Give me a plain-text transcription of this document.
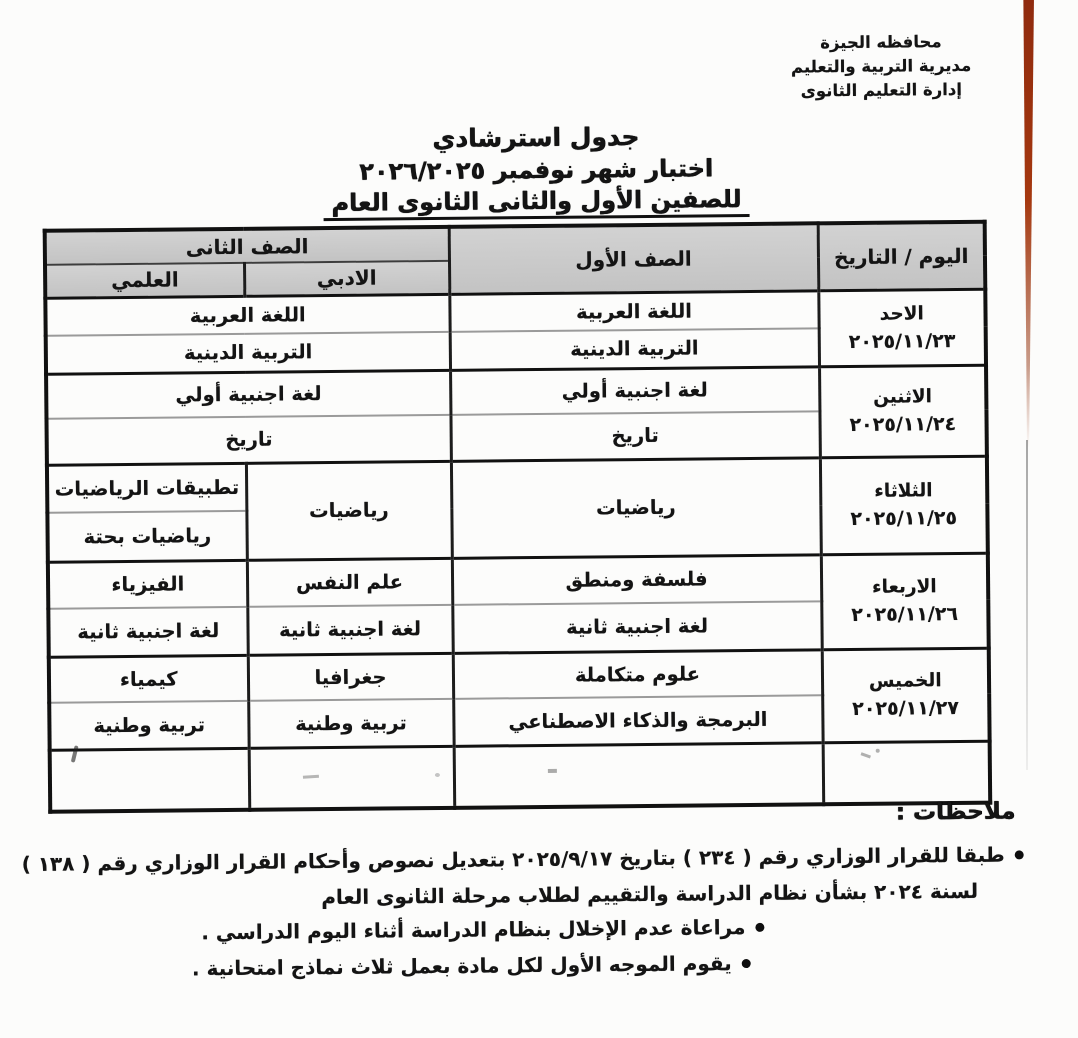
محافظه الجيزة
مديرية التربية والتعليم
إدارة التعليم الثانوى
جدول استرشادي
اختبار شهر نوفمبر ٢٠٢٦/٢٠٢٥
للصفين الأول والثانى الثانوى العام
اليوم / التاريخ	الصف الأول	الصف الثانى	
		الادبي	العلمي

الاحد
٢٠٢٥/١١/٢٣	اللغة العربية	اللغة العربية	
	التربية الدينية	التربية الدينية	

الاثنين
٢٠٢٥/١١/٢٤	لغة اجنبية أولي	لغة اجنبية أولي	
	تاريخ	تاريخ	

الثلاثاء
٢٠٢٥/١١/٢٥	رياضيات	رياضيات	تطبيقات الرياضيات
			رياضيات بحتة

الاربعاء
٢٠٢٥/١١/٢٦	فلسفة ومنطق	علم النفس	الفيزياء
	لغة اجنبية ثانية	لغة اجنبية ثانية	لغة اجنبية ثانية

الخميس
٢٠٢٥/١١/٢٧	علوم متكاملة	جغرافيا	كيمياء
	البرمجة والذكاء الاصطناعي	تربية وطنية	تربية وطنية

ملاحظات :
طبقا للقرار الوزاري رقم ( ٢٣٤ ) بتاريخ ٢٠٢٥/٩/١٧ بتعديل نصوص وأحكام القرار الوزاري رقم ( ١٣٨ ) لسنة ٢٠٢٤ بشأن نظام الدراسة والتقييم لطلاب مرحلة الثانوى العام
مراعاة عدم الإخلال بنظام الدراسة أثناء اليوم الدراسي .
يقوم الموجه الأول لكل مادة بعمل ثلاث نماذج امتحانية .
